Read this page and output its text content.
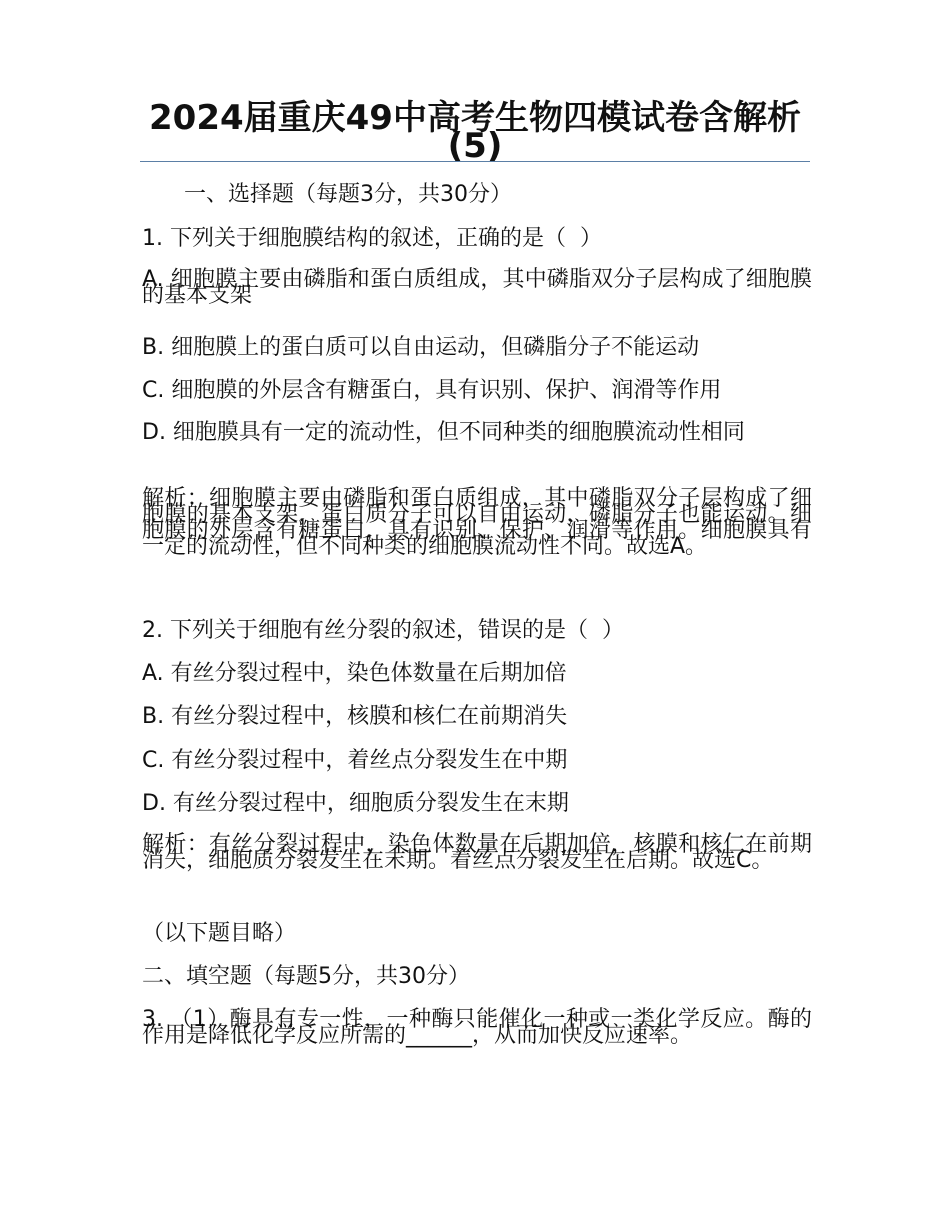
2024届重庆49中高考生物四模试卷含解析(5)
一、选择题（每题3分，共30分）
1. 下列关于细胞膜结构的叙述，正确的是（  ）
A. 细胞膜主要由磷脂和蛋白质组成，其中磷脂双分子层构成了细胞膜的基本支架
B. 细胞膜上的蛋白质可以自由运动，但磷脂分子不能运动
C. 细胞膜的外层含有糖蛋白，具有识别、保护、润滑等作用
D. 细胞膜具有一定的流动性，但不同种类的细胞膜流动性相同
解析：细胞膜主要由磷脂和蛋白质组成，其中磷脂双分子层构成了细胞膜的基本支架，蛋白质分子可以自由运动，磷脂分子也能运动。细胞膜的外层含有糖蛋白，具有识别、保护、润滑等作用。细胞膜具有一定的流动性，但不同种类的细胞膜流动性不同。故选A。
2. 下列关于细胞有丝分裂的叙述，错误的是（  ）
A. 有丝分裂过程中，染色体数量在后期加倍
B. 有丝分裂过程中，核膜和核仁在前期消失
C. 有丝分裂过程中，着丝点分裂发生在中期
D. 有丝分裂过程中，细胞质分裂发生在末期
解析：有丝分裂过程中，染色体数量在后期加倍，核膜和核仁在前期消失，细胞质分裂发生在末期。着丝点分裂发生在后期。故选C。
（以下题目略）
二、填空题（每题5分，共30分）
3. （1）酶具有专一性，一种酶只能催化一种或一类化学反应。酶的作用是降低化学反应所需的______，从而加快反应速率。
